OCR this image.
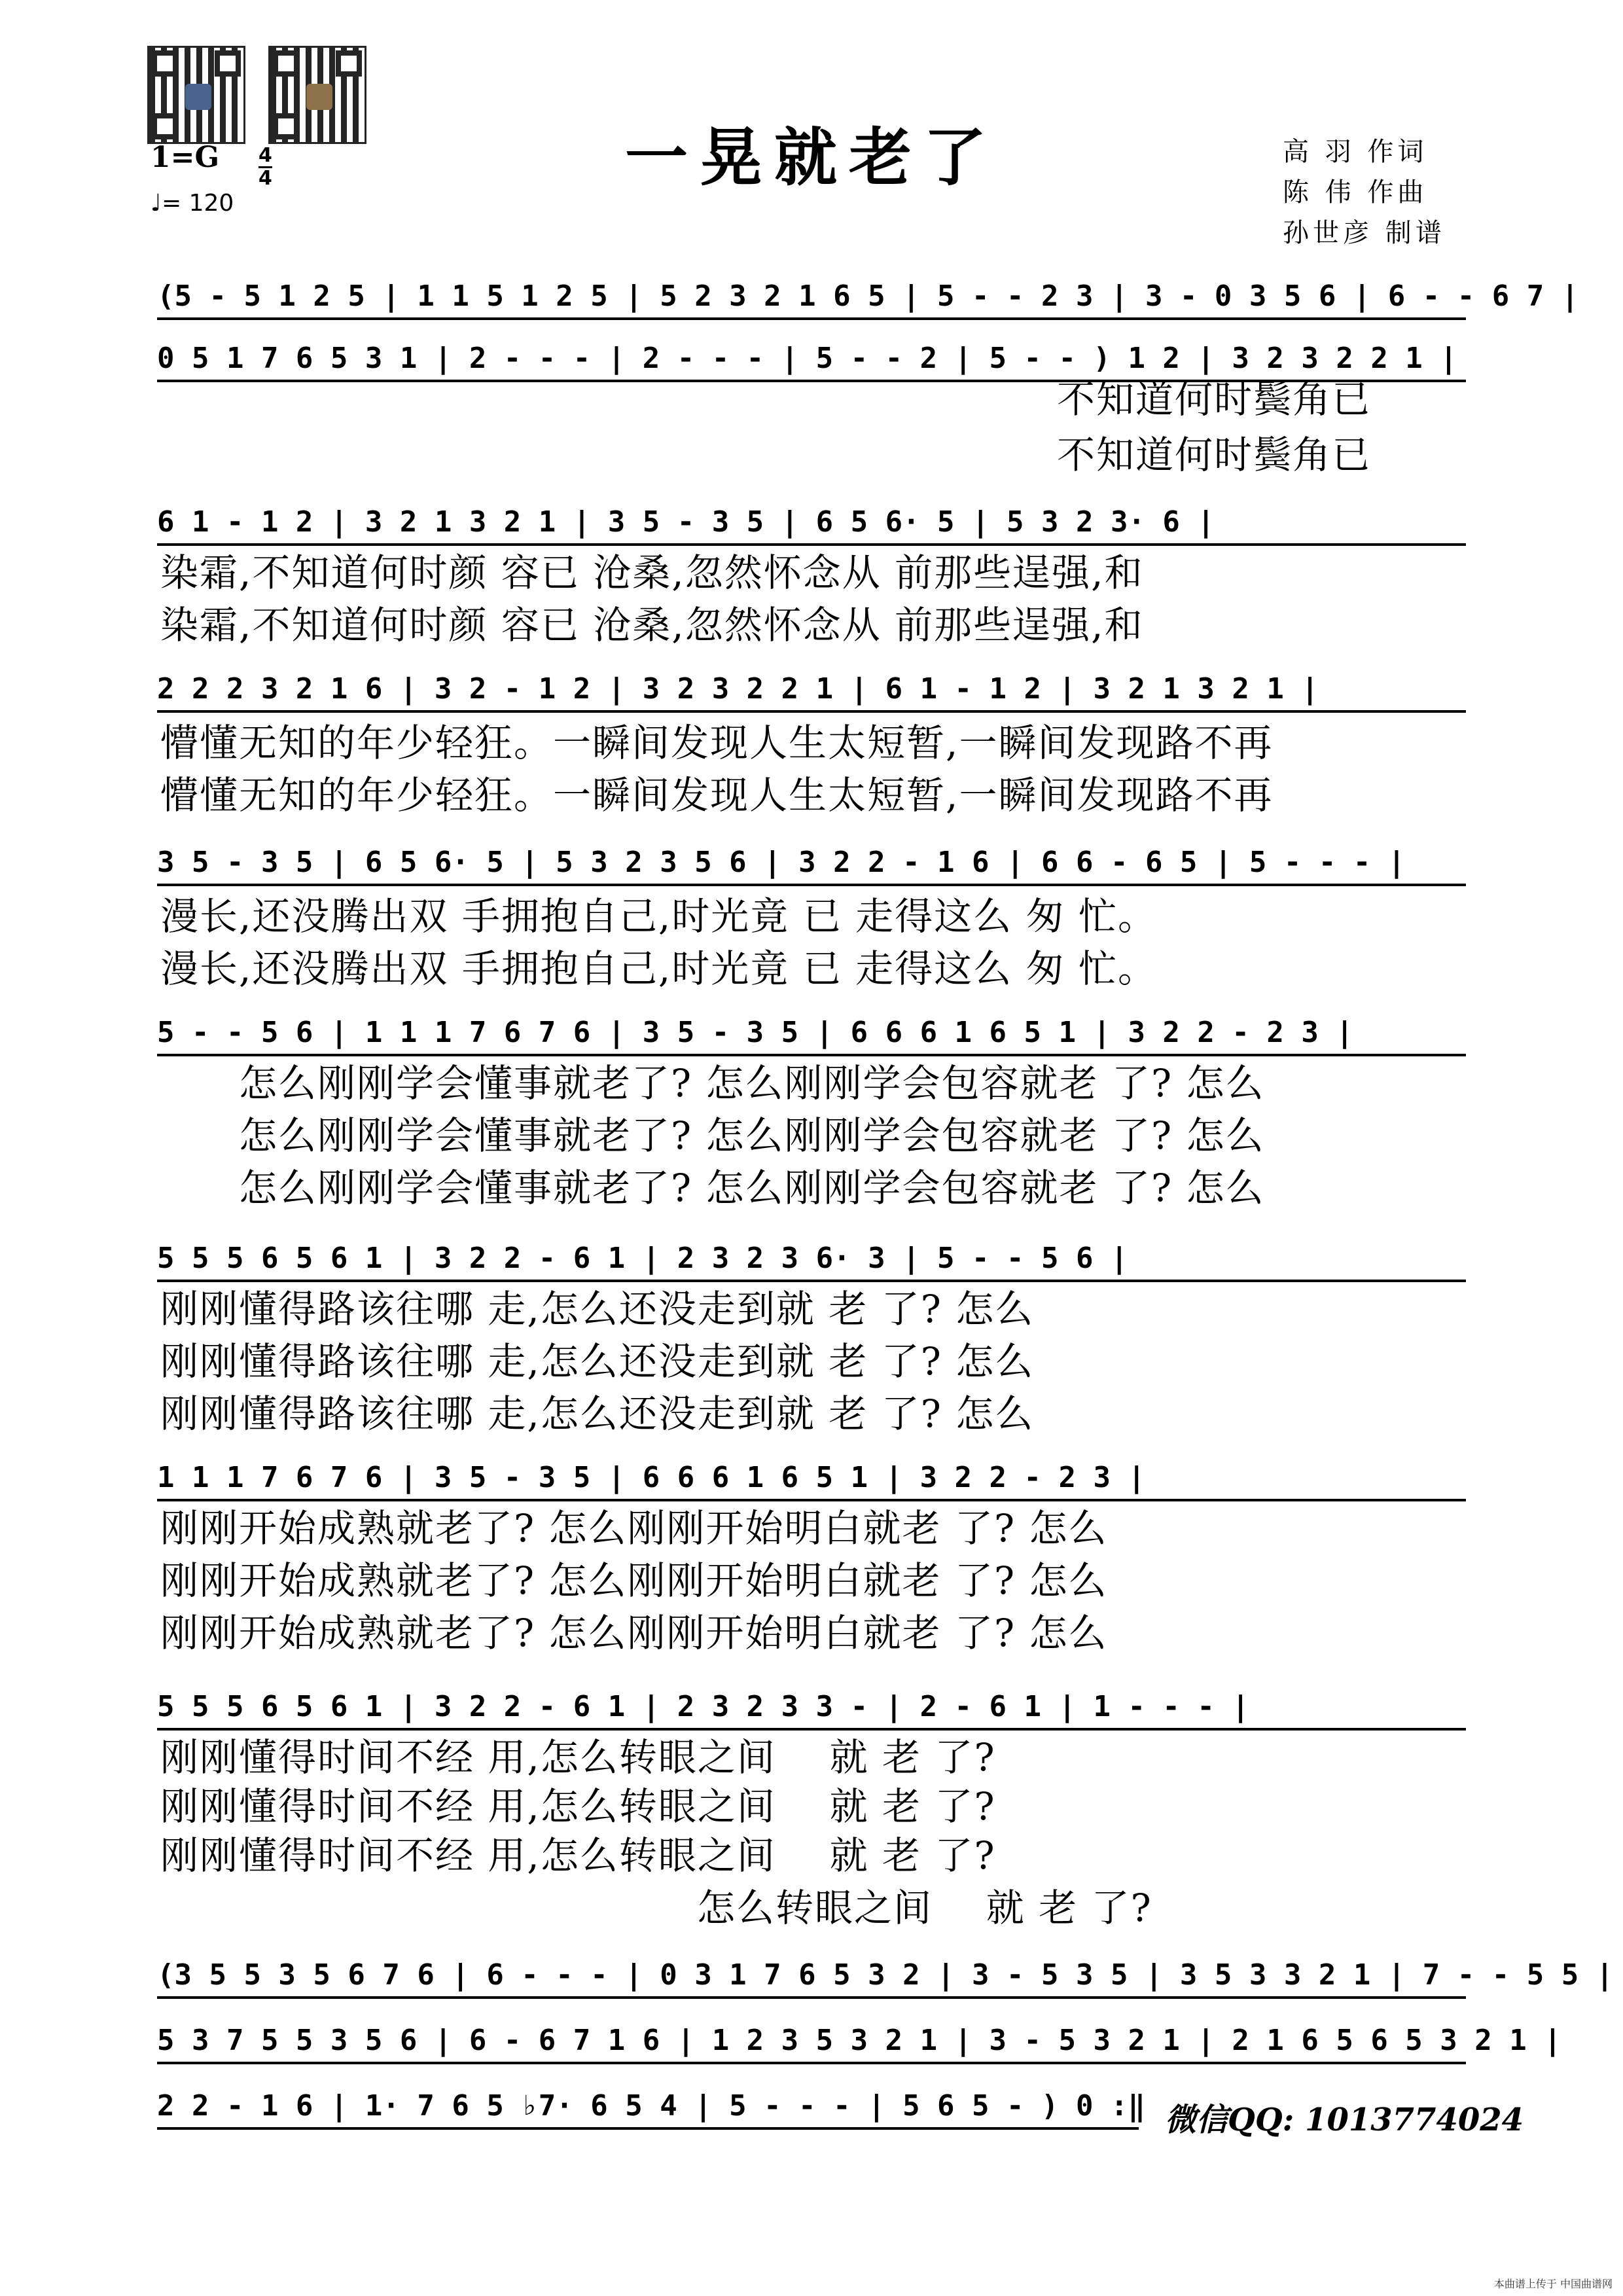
1=G 4
4
♩= 120
一晃就老了	高 羽 作词
陈 伟 作曲
孙世彦 制谱
(5 - 5 1 2 5 | 1 1 5 1 2 5 | 5 2 3 2 1 6 5 | 5 - - 2 3 | 3 - 0 3 5 6 | 6 - - 6 7 |
0 5 1 7 6 5 3 1 | 2 - - - | 2 - - - | 5 - - 2 | 5 - - ) 1 2 | 3 2 3 2 2 1 |
不知道何时鬓角已
不知道何时鬓角已
6 1 - 1 2 | 3 2 1 3 2 1 | 3 5 - 3 5 | 6 5 6· 5 | 5 3 2 3· 6 |
染霜,不知道何时颜 容已 沧桑,忽然怀念从 前那些逞强,和
染霜,不知道何时颜 容已 沧桑,忽然怀念从 前那些逞强,和
2 2 2 3 2 1 6 | 3 2 - 1 2 | 3 2 3 2 2 1 | 6 1 - 1 2 | 3 2 1 3 2 1 |
懵懂无知的年少轻狂。一瞬间发现人生太短暂,一瞬间发现路不再
懵懂无知的年少轻狂。一瞬间发现人生太短暂,一瞬间发现路不再
3 5 - 3 5 | 6 5 6· 5 | 5 3 2 3 5 6 | 3 2 2 - 1 6 | 6 6 - 6 5 | 5 - - - |
漫长,还没腾出双 手拥抱自己,时光竟 已 走得这么 匆 忙。
漫长,还没腾出双 手拥抱自己,时光竟 已 走得这么 匆 忙。
5 - - 5 6 | 1 1 1 7 6 7 6 | 3 5 - 3 5 | 6 6 6 1 6 5 1 | 3 2 2 - 2 3 |
怎么刚刚学会懂事就老了? 怎么刚刚学会包容就老 了? 怎么
怎么刚刚学会懂事就老了? 怎么刚刚学会包容就老 了? 怎么
怎么刚刚学会懂事就老了? 怎么刚刚学会包容就老 了? 怎么
5 5 5 6 5 6 1 | 3 2 2 - 6 1 | 2 3 2 3 6· 3 | 5 - - 5 6 |
刚刚懂得路该往哪 走,怎么还没走到就 老 了? 怎么
刚刚懂得路该往哪 走,怎么还没走到就 老 了? 怎么
刚刚懂得路该往哪 走,怎么还没走到就 老 了? 怎么
1 1 1 7 6 7 6 | 3 5 - 3 5 | 6 6 6 1 6 5 1 | 3 2 2 - 2 3 |
刚刚开始成熟就老了? 怎么刚刚开始明白就老 了? 怎么
刚刚开始成熟就老了? 怎么刚刚开始明白就老 了? 怎么
刚刚开始成熟就老了? 怎么刚刚开始明白就老 了? 怎么
5 5 5 6 5 6 1 | 3 2 2 - 6 1 | 2 3 2 3 3 - | 2 - 6 1 | 1 - - - |
刚刚懂得时间不经 用,怎么转眼之间    就 老 了?
刚刚懂得时间不经 用,怎么转眼之间    就 老 了?
刚刚懂得时间不经 用,怎么转眼之间    就 老 了?
怎么转眼之间    就 老 了?
(3 5 5 3 5 6 7 6 | 6 - - - | 0 3 1 7 6 5 3 2 | 3 - 5 3 5 | 3 5 3 3 2 1 | 7 - - 5 5 |
5 3 7 5 5 3 5 6 | 6 - 6 7 1 6 | 1 2 3 5 3 2 1 | 3 - 5 3 2 1 | 2 1 6 5 6 5 3 2 1 |
2 2 - 1 6 | 1· 7 6 5 ♭7· 6 5 4 | 5 - - - | 5 6 5 - ) 0 :‖ 微信QQ: 1013774024
本曲谱上传于 中国曲谱网
